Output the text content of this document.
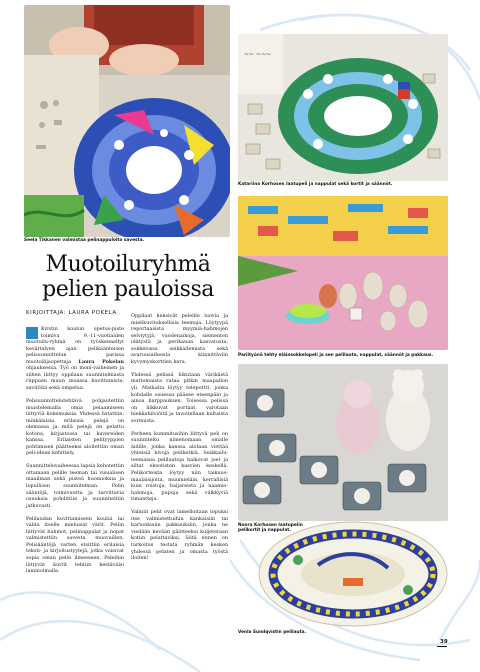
Seela Tikkanen valmistaa pelinappuloita savesta.
~~ ~~~
Katariina Korhosen laatupeli ja nappulat sekä kortit ja säännöt.
Pariityönä tehty eläinsokkelopeli ja sen pelilauta, nappulat, säännöt ja pakkaus.
Noora Korhosen laatupelin
pelikortit ja nappulat.
Venla Sundqvistin pelilauta.
Muotoiluryhmä
pelien pauloissa
KIRJOITTAJA: LAURA POKELA

Kirstin koulun opetus-piste toimiva 9.-11-vuotiaiden muotoilu-ryhmä on työskennellyt kevättalven ajan pelikäänteisen pelisuunnittelun parissa muotoilijaopettaja Laura Pokelan ohjauksessa. Työ on moni-vaiheinen ja siihen liittyy oppilaan suunnitelmasta riippuen muun muassa kuvittamista, savitöitä sekä ompelua.

Pelisuunnittelutehtävä pohjautettiin muistelemalla omia pelaamiseen liittyviä kokemuksia. Yhdessä listattiin, minkälaisia erilaisia pelejä on olemassa ja mitä pelejä on pelattu kotona, kirjastossa tai kavereiden kanssa. Erilaisten pelityyppien pohtimisen päätteeksi aloitettiin oman peli-idean kehittely.

Suunnitteluvaiheessa lapsia kehotettiin ottamaan pelille teeman tai visualisen maailman sekä pisteä huomioksia ja lopullisen suunnitelman. Pelin sääntöjä, toimivuutta ja tarvittavia osuuksia pohdittiin ja suunniteltiin jatkuvasti.

Pelilaudan kuvittamiseen kuului tai valita itselle mieluisat värit. Peliin liittyvät hahmot, pelinappulat ja nopat valmistettiin savesta muovaillen. Pelisääntöjä varten etsittiin erilaisia teksti- ja kirjoitustyylejä, jotka voisivat sopia oman pelin ilmeeseen. Peleihin liittyvät kortit tehtiin kestävälsi laminoimalla.

Oppilaat keksivät peleille luovia ja mielikuvituksellisia teemoja. Löytyypä reportaasista myymiä-hahmojen selviytyjä, vuodenaikoja, siementen idätystä ja perikanan kasvatusta, sokkelossa seikkailemista sekä avaruusaiheista kiinnittäviin kyvymyskorttien kera.

Yhdessä pelissä liikutaan värikästä mattomaista rataa pitkin maapallon yli. Matkalta löytyy teleportti, jonka kohdalle osuessa pääsee eteenpäin ja ainoa harppauksen. Toisessa pelissä on liikkuvat portaat, varotaan hiekkahiiviöitä ja tavoitellaan kultaista sormusta.

Perheen kummitusihin liittyvä peli on suunniteltu nimenomaan omalle äidille, jonka kanssa aiotaan viettää yhteisiä kivoja pelihetkiä. Seikkailu-teemaisia pelilautoja halkovat joet ja siltat eksotisten kasvien keskellä. Pelikorteista löytyy niin taikuus-maalaisijoita, muumieläin, kerrallisiä kuin roistoja, haijareista ja naamio-hahmoja, pupuja sekä välkkyviä timantteja.

Valmiit pelit ovat lamelloitaan lopuksi itse valmistettuihin kankaisiin tai kartonkisiin pakkauksiin, jonka ne viedään kevään päätteeksi kuljetetaan kotiin pelattaviksi. Siitä ennen on tarkoitus testata ryhmän kesken yhdessä pelaten ja omasta työstä iloiten!

39
